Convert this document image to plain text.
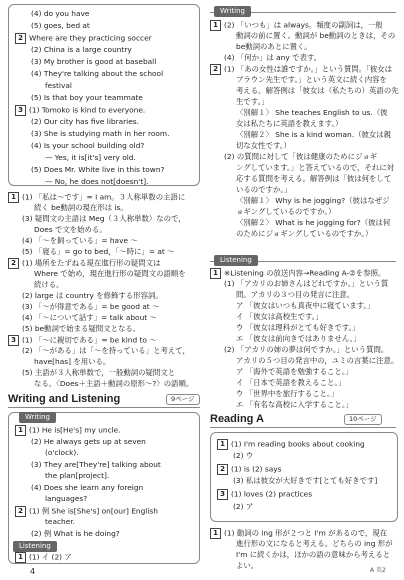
(4) do you have
(5) goes, bed at
2 Where are they practicing soccer
(2) China is a large country
(3) My brother is good at baseball
(4) They're talking about the school
festival
(5) Is that boy your teammate
3 (1) Tomoko is kind to everyone.
(2) Our city has five libraries.
(3) She is studying math in her room.
(4) Is your school building old?
— Yes, it is[it's] very old.
(5) Does Mr. White live in this town?
— No, he does not[doesn't].
1 (1) 「私は～です」= I am。３人称単数の主語に
続く be動詞の現在形は is。
(3) 疑問文の主語は Meg（３人称単数）なので，
Does で文を始める。
(4) 「～を飼っている」= have ～
(5) 「寝る」= go to bed，「～時に」= at ～
2 (1) 場所をたずねる現在進行形の疑問文は
Where で始め，現在進行形の疑問文の語順を
続ける。
(2) large は country を修飾する形容詞。
(3) 「～が得意である」= be good at ～
(4) 「～について話す」= talk about ～
(5) be動詞で始まる疑問文となる。
3 (1) 「～に親切である」= be kind to ～
(2) 「～がある」は「～を持っている」と考えて，
have[has] を用いる。
(5) 主語が３人称単数で，一般動詞の疑問文と
なる。〈Does＋主語＋動詞の原形～?〉の語順。
Writing and Listening	9ページ
Writing
1 (1) He is[He's] my uncle.
(2) He always gets up at seven
(o'clock).
(3) They are[They're] talking about
the plan[project].
(4) Does she learn any foreign
languages?
2 (1) 例 She is[She's] on[our] English
teacher.
(2) 例 What is he doing?
Listening
1 (1) イ (2) ア
Writing
1 (2) 「いつも」は always。頻度の副詞は，一般
動詞の前に置く。動詞が be動詞のときは，その
be動詞のあとに置く。
(4) 「何か」は any で表す。
2 (1) 「あの女性は誰ですか。」という質問。「彼女は
ブラウン先生です。」という英文に続く内容を
考える。解答例は「彼女は（私たちの）英語の先
生です。」
〈別解１〉 She teaches English to us.（彼
女は私たちに英語を教えます。）
〈別解２〉 She is a kind woman.（彼女は親
切な女性です。）
(2) の質問に対して「彼は健康のためにジョギ
ングしています。」と答えているので，それに対
応する質問を考える。解答例は「彼は何をして
いるのですか。」
〈別解１〉 Why is he jogging?（彼はなぜジ
ョギングしているのですか。）
〈別解２〉 What is he jogging for?（彼は何
のためにジョギングしているのですか。）
Listening
1 ※Listening の放送内容→Reading A-②を参照。
(1) 「アカリのお姉さんはどれですか。」という質
問。アカリの３つ目の発言に注意。
ア 「彼女はいつも真夜中に寝ています。」
イ 「彼女は高校生です。」
ウ 「彼女は理科がとても好きです。」
エ 「彼女は前向きではありません。」
(2) 「アカリの姉の夢は何ですか。」という質問。
アカリの５つ目の発言中の，ユミの言葉に注意。
ア 「海外で英語を勉強すること。」
イ 「日本で英語を教えること。」
ウ 「世界中を旅行すること。」
エ 「有名な高校に入学すること。」
Reading A	10ページ
1 (1) I'm reading books about cooking
(2) ウ
2 (1) is (2) says
(3) 私は彼女が大好きです[とても好きです]
3 (1) loves (2) practices
(2) ア
1 (1) 動詞の ing 形が２つと I'm があるので，現在
進行形の文になると考える。どちらの ing 形が
I'm に続くかは，ほかの語の意味から考えると
よい。
4	A 英2
